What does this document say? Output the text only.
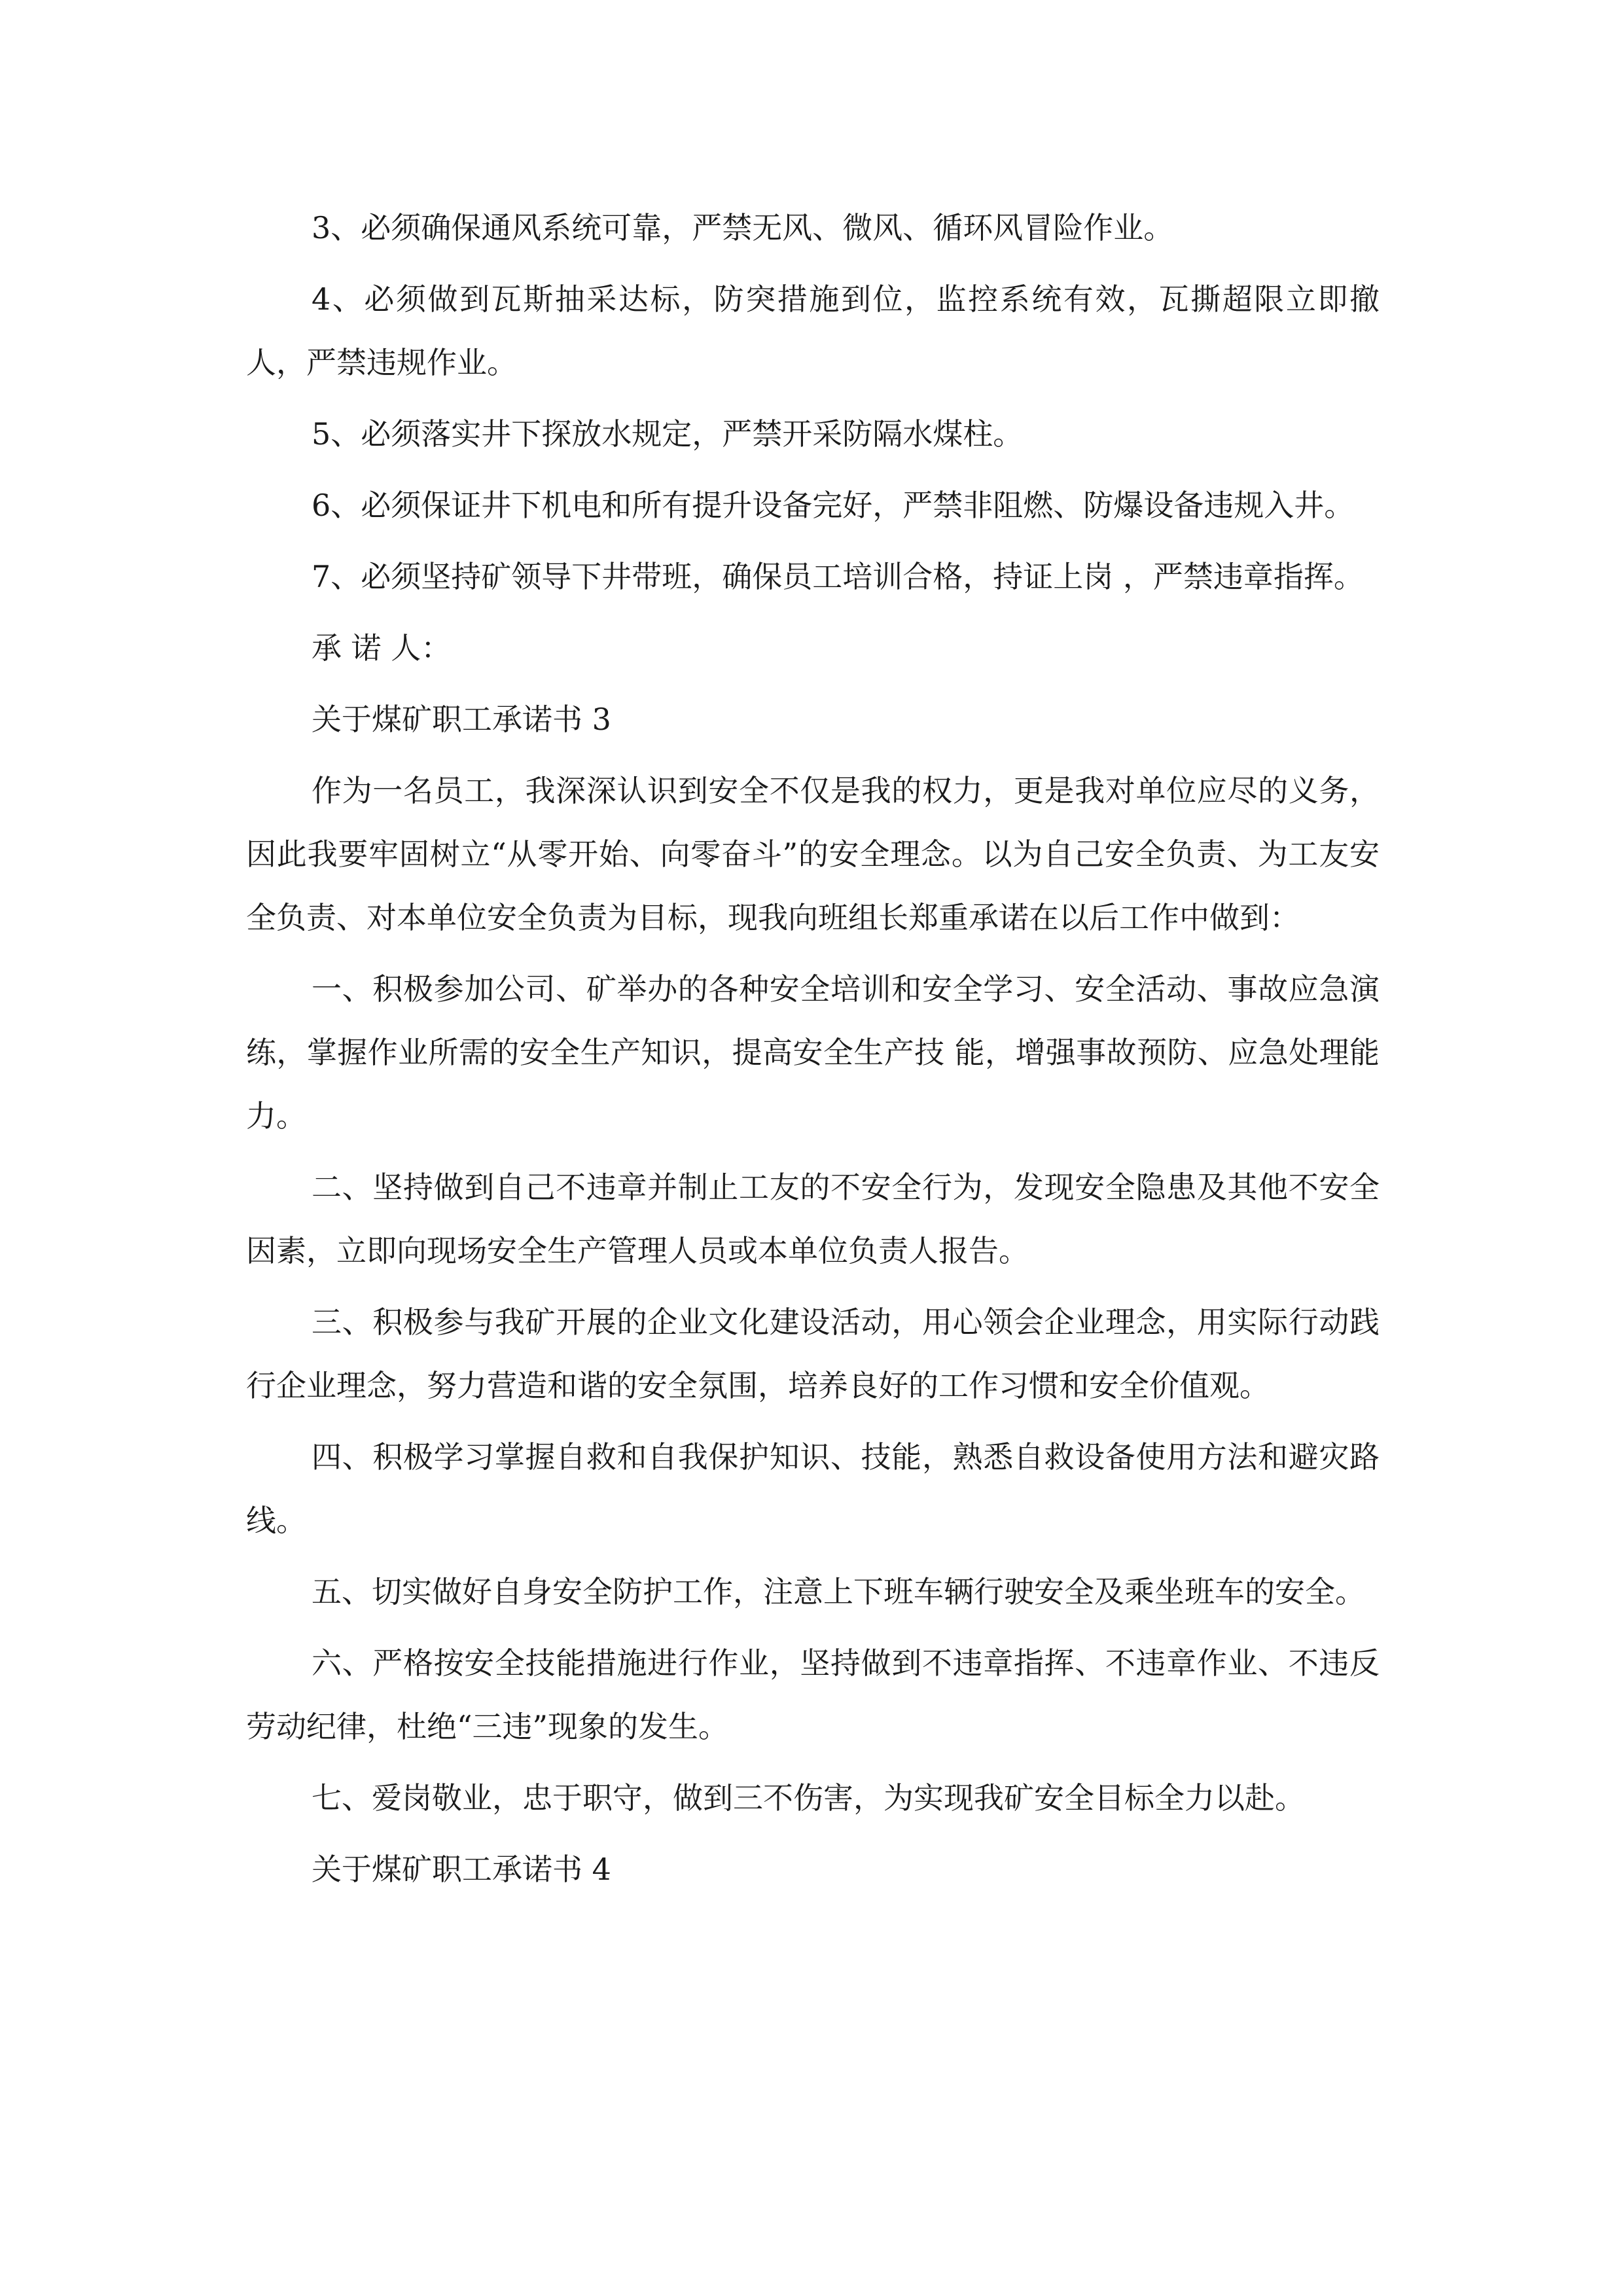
3、必须确保通风系统可靠，严禁无风、微风、循环风冒险作业。

4、必须做到瓦斯抽采达标，防突措施到位，监控系统有效，瓦撕超限立即撤人，严禁违规作业。

5、必须落实井下探放水规定，严禁开采防隔水煤柱。

6、必须保证井下机电和所有提升设备完好，严禁非阻燃、防爆设备违规入井。

7、必须坚持矿领导下井带班，确保员工培训合格，持证上岗 ，严禁违章指挥。

承 诺 人：

关于煤矿职工承诺书 3

作为一名员工，我深深认识到安全不仅是我的权力，更是我对单位应尽的义务，因此我要牢固树立“从零开始、向零奋斗”的安全理念。以为自己安全负责、为工友安全负责、对本单位安全负责为目标，现我向班组长郑重承诺在以后工作中做到：

一、积极参加公司、矿举办的各种安全培训和安全学习、安全活动、事故应急演练，掌握作业所需的安全生产知识，提高安全生产技 能，增强事故预防、应急处理能力。

二、坚持做到自己不违章并制止工友的不安全行为，发现安全隐患及其他不安全因素，立即向现场安全生产管理人员或本单位负责人报告。

三、积极参与我矿开展的企业文化建设活动，用心领会企业理念，用实际行动践行企业理念，努力营造和谐的安全氛围，培养良好的工作习惯和安全价值观。

四、积极学习掌握自救和自我保护知识、技能，熟悉自救设备使用方法和避灾路线。

五、切实做好自身安全防护工作，注意上下班车辆行驶安全及乘坐班车的安全。

六、严格按安全技能措施进行作业，坚持做到不违章指挥、不违章作业、不违反劳动纪律，杜绝“三违”现象的发生。

七、爱岗敬业，忠于职守，做到三不伤害，为实现我矿安全目标全力以赴。

关于煤矿职工承诺书 4
